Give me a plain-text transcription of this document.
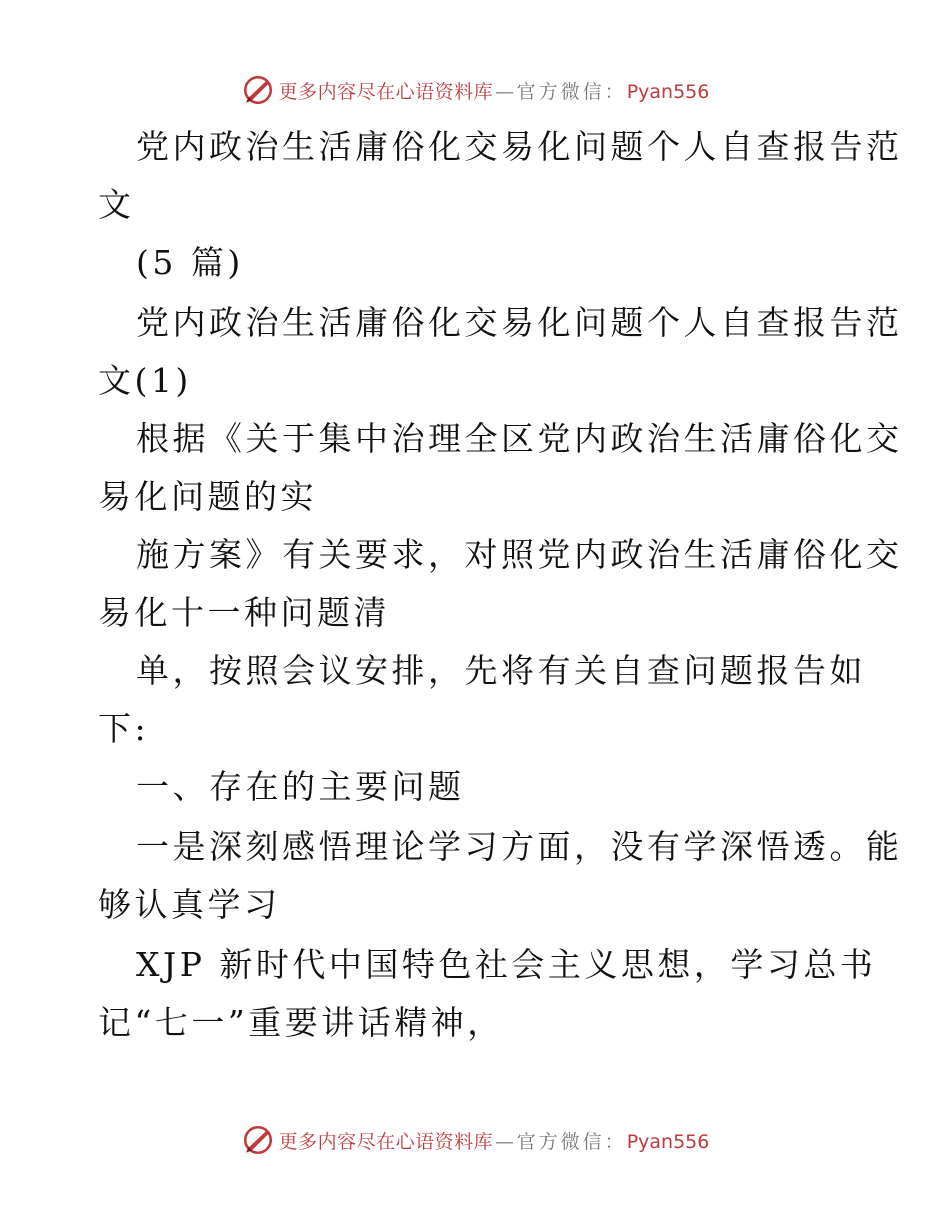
更多内容尽在心语资料库 — 官方微信：Pyan556
党内政治生活庸俗化交易化问题个人自查报告范
文
(5 篇)
党内政治生活庸俗化交易化问题个人自查报告范
文(1)
根据《关于集中治理全区党内政治生活庸俗化交
易化问题的实
施方案》有关要求，对照党内政治生活庸俗化交
易化十一种问题清
单，按照会议安排，先将有关自查问题报告如
下:
一、存在的主要问题
一是深刻感悟理论学习方面，没有学深悟透。能
够认真学习
XJP 新时代中国特色社会主义思想，学习总书
记“七一”重要讲话精神，
更多内容尽在心语资料库 — 官方微信：Pyan556
